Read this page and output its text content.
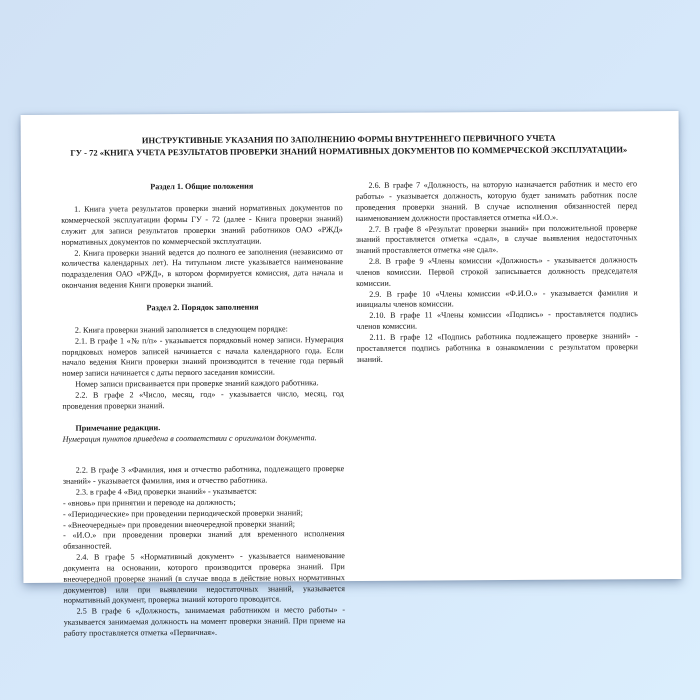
ИНСТРУКТИВНЫЕ УКАЗАНИЯ ПО ЗАПОЛНЕНИЮ ФОРМЫ ВНУТРЕННЕГО ПЕРВИЧНОГО УЧЕТА
ГУ - 72 «КНИГА УЧЕТА РЕЗУЛЬТАТОВ ПРОВЕРКИ ЗНАНИЙ НОРМАТИВНЫХ ДОКУМЕНТОВ ПО КОММЕРЧЕСКОЙ ЭКСПЛУАТАЦИИ»
Раздел 1. Общие положения

1. Книга учета результатов проверки знаний нормативных документов по коммерческой эксплуатации формы ГУ - 72 (далее - Книга проверки знаний) служит для записи результатов проверки знаний работников ОАО «РЖД» нормативных документов по коммерческой эксплуатации.

2. Книга проверки знаний ведется до полного ее заполнения (независимо от количества календарных лет). На титульном листе указывается наименование подразделения ОАО «РЖД», в котором формируется комиссия, дата начала и окончания ведения Книги проверки знаний.

Раздел 2. Порядок заполнения

2. Книга проверки знаний заполняется в следующем порядке:

2.1. В графе 1 «№ п/п» - указывается порядковый номер записи. Нумерация порядковых номеров записей начинается с начала календарного года. Если начало ведения Книги проверки знаний производится в течение года первый номер записи начинается с даты первого заседания комиссии.

Номер записи присваивается при проверке знаний каждого работника.

2.2. В графе 2 «Число, месяц, год» - указывается число, месяц, год проведения проверки знаний.

Примечание редакции.

Нумерация пунктов приведена в соответствии с оригиналом документа.

2.2. В графе 3 «Фамилия, имя и отчество работника, подлежащего проверке знаний» - указывается фамилия, имя и отчество работника.

2.3. в графе 4 «Вид проверки знаний» - указывается:

- «вновь» при принятии и переводе на должность;

- «Периодические» при проведении периодической проверки знаний;

- «Внеочередные» при проведении внеочередной проверки знаний;

- «И.О.» при проведении проверки знаний для временного исполнения обязанностей.

2.4. В графе 5 «Нормативный документ» - указывается наименование документа на основании, которого производится проверка знаний. При внеочередной проверке знаний (в случае ввода в действие новых нормативных документов) или при выявлении недостаточных знаний, указывается нормативный документ, проверка знаний которого проводится.

2.5 В графе 6 «Должность, занимаемая работником и место работы» - указывается занимаемая должность на момент проверки знаний. При приеме на работу проставляется отметка «Первичная».

2.6. В графе 7 «Должность, на которую назначается работник и место его работы» - указывается должность, которую будет занимать работник после проведения проверки знаний. В случае исполнения обязанностей перед наименованием должности проставляется отметка «И.О.».

2.7. В графе 8 «Результат проверки знаний» при положительной проверке знаний проставляется отметка «сдал», в случае выявления недостаточных знаний проставляется отметка «не сдал».

2.8. В графе 9 «Члены комиссии «Должность» - указывается должность членов комиссии. Первой строкой записывается должность председателя комиссии.

2.9. В графе 10 «Члены комиссии «Ф.И.О.» - указывается фамилия и инициалы членов комиссии.

2.10. В графе 11 «Члены комиссии «Подпись» - проставляется подпись членов комиссии.

2.11. В графе 12 «Подпись работника подлежащего проверке знаний» - проставляется подпись работника в ознакомлении с результатом проверки знаний.
